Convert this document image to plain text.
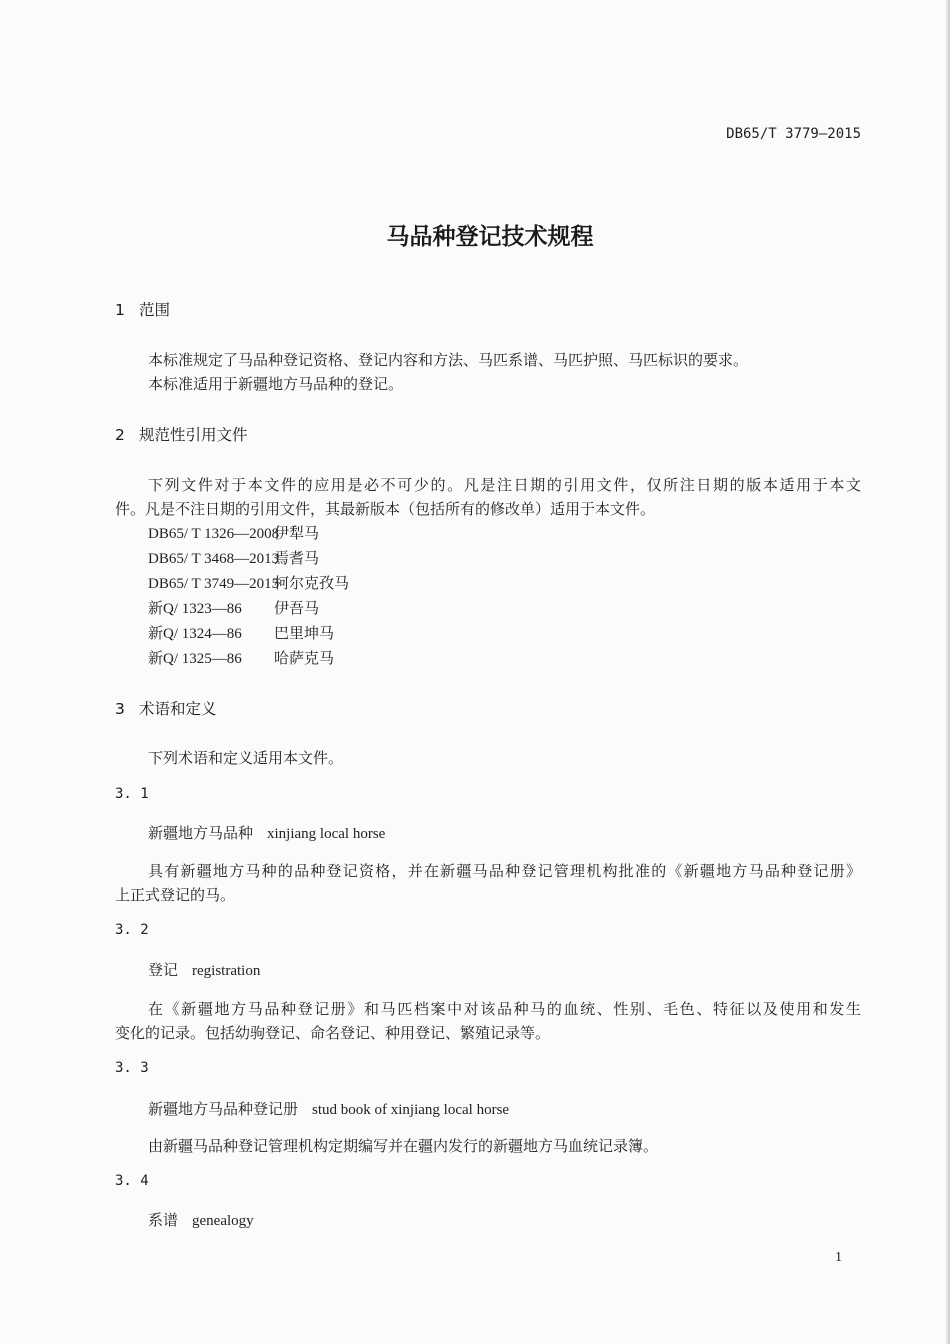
DB65/T 3779—2015
马品种登记技术规程
1 范围
本标准规定了马品种登记资格、登记内容和方法、马匹系谱、马匹护照、马匹标识的要求。
本标准适用于新疆地方马品种的登记。
2 规范性引用文件
下列文件对于本文件的应用是必不可少的。凡是注日期的引用文件，仅所注日期的版本适用于本文
件。凡是不注日期的引用文件，其最新版本（包括所有的修改单）适用于本文件。
DB65/ T 1326—2008伊犁马
DB65/ T 3468—2013焉耆马
DB65/ T 3749—2015柯尔克孜马
新Q/ 1323—86 伊吾马
新Q/ 1324—86 巴里坤马
新Q/ 1325—86 哈萨克马
3 术语和定义
下列术语和定义适用本文件。
3. 1
新疆地方马品种 xinjiang local horse
具有新疆地方马种的品种登记资格，并在新疆马品种登记管理机构批准的《新疆地方马品种登记册》
上正式登记的马。
3. 2
登记 registration
在《新疆地方马品种登记册》和马匹档案中对该品种马的血统、性别、毛色、特征以及使用和发生
变化的记录。包括幼驹登记、命名登记、种用登记、繁殖记录等。
3. 3
新疆地方马品种登记册 stud book of xinjiang local horse
由新疆马品种登记管理机构定期编写并在疆内发行的新疆地方马血统记录簿。
3. 4
系谱 genealogy
1
